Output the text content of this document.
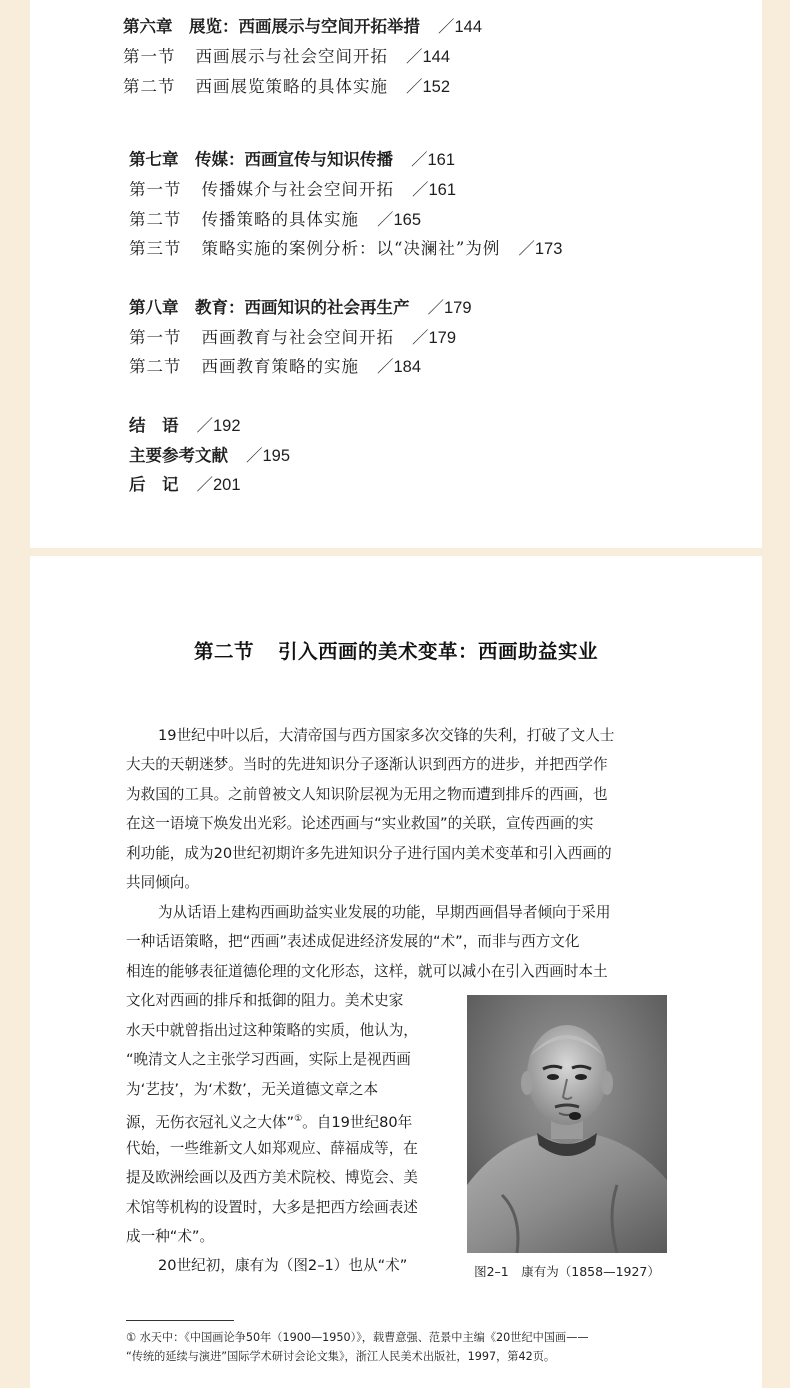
第六章　展览：西画展示与空间开拓举措 ／144
第一节 西画展示与社会空间开拓 ／144
第二节 西画展览策略的具体实施 ／152
第七章　传媒：西画宣传与知识传播 ／161
第一节 传播媒介与社会空间开拓 ／161
第二节 传播策略的具体实施 ／165
第三节 策略实施的案例分析：以“决澜社”为例 ／173
第八章　教育：西画知识的社会再生产 ／179
第一节 西画教育与社会空间开拓 ／179
第二节 西画教育策略的实施 ／184
结　语 ／192
主要参考文献 ／195
后　记 ／201
第二节 引入西画的美术变革：西画助益实业
19世纪中叶以后，大清帝国与西方国家多次交锋的失利，打破了文人士
大夫的天朝迷梦。当时的先进知识分子逐渐认识到西方的进步，并把西学作
为救国的工具。之前曾被文人知识阶层视为无用之物而遭到排斥的西画，也
在这一语境下焕发出光彩。论述西画与“实业救国”的关联，宣传西画的实
利功能，成为20世纪初期许多先进知识分子进行国内美术变革和引入西画的
共同倾向。
为从话语上建构西画助益实业发展的功能，早期西画倡导者倾向于采用
一种话语策略，把“西画”表述成促进经济发展的“术”，而非与西方文化
相连的能够表征道德伦理的文化形态，这样，就可以减小在引入西画时本土
文化对西画的排斥和抵御的阻力。美术史家
水天中就曾指出过这种策略的实质，他认为，
“晚清文人之主张学习西画，实际上是视西画
为‘艺技’，为‘术数’，无关道德文章之本
源，无伤衣冠礼义之大体”①。自19世纪80年
代始，一些维新文人如郑观应、薛福成等，在
提及欧洲绘画以及西方美术院校、博览会、美
术馆等机构的设置时，大多是把西方绘画表述
成一种“术”。
20世纪初，康有为（图2–1）也从“术”	图2–1　康有为（1858—1927）
① 水天中：《中国画论争50年（1900—1950）》，载曹意强、范景中主编《20世纪中国画——
“传统的延续与演进”国际学术研讨会论文集》，浙江人民美术出版社，1997，第42页。
